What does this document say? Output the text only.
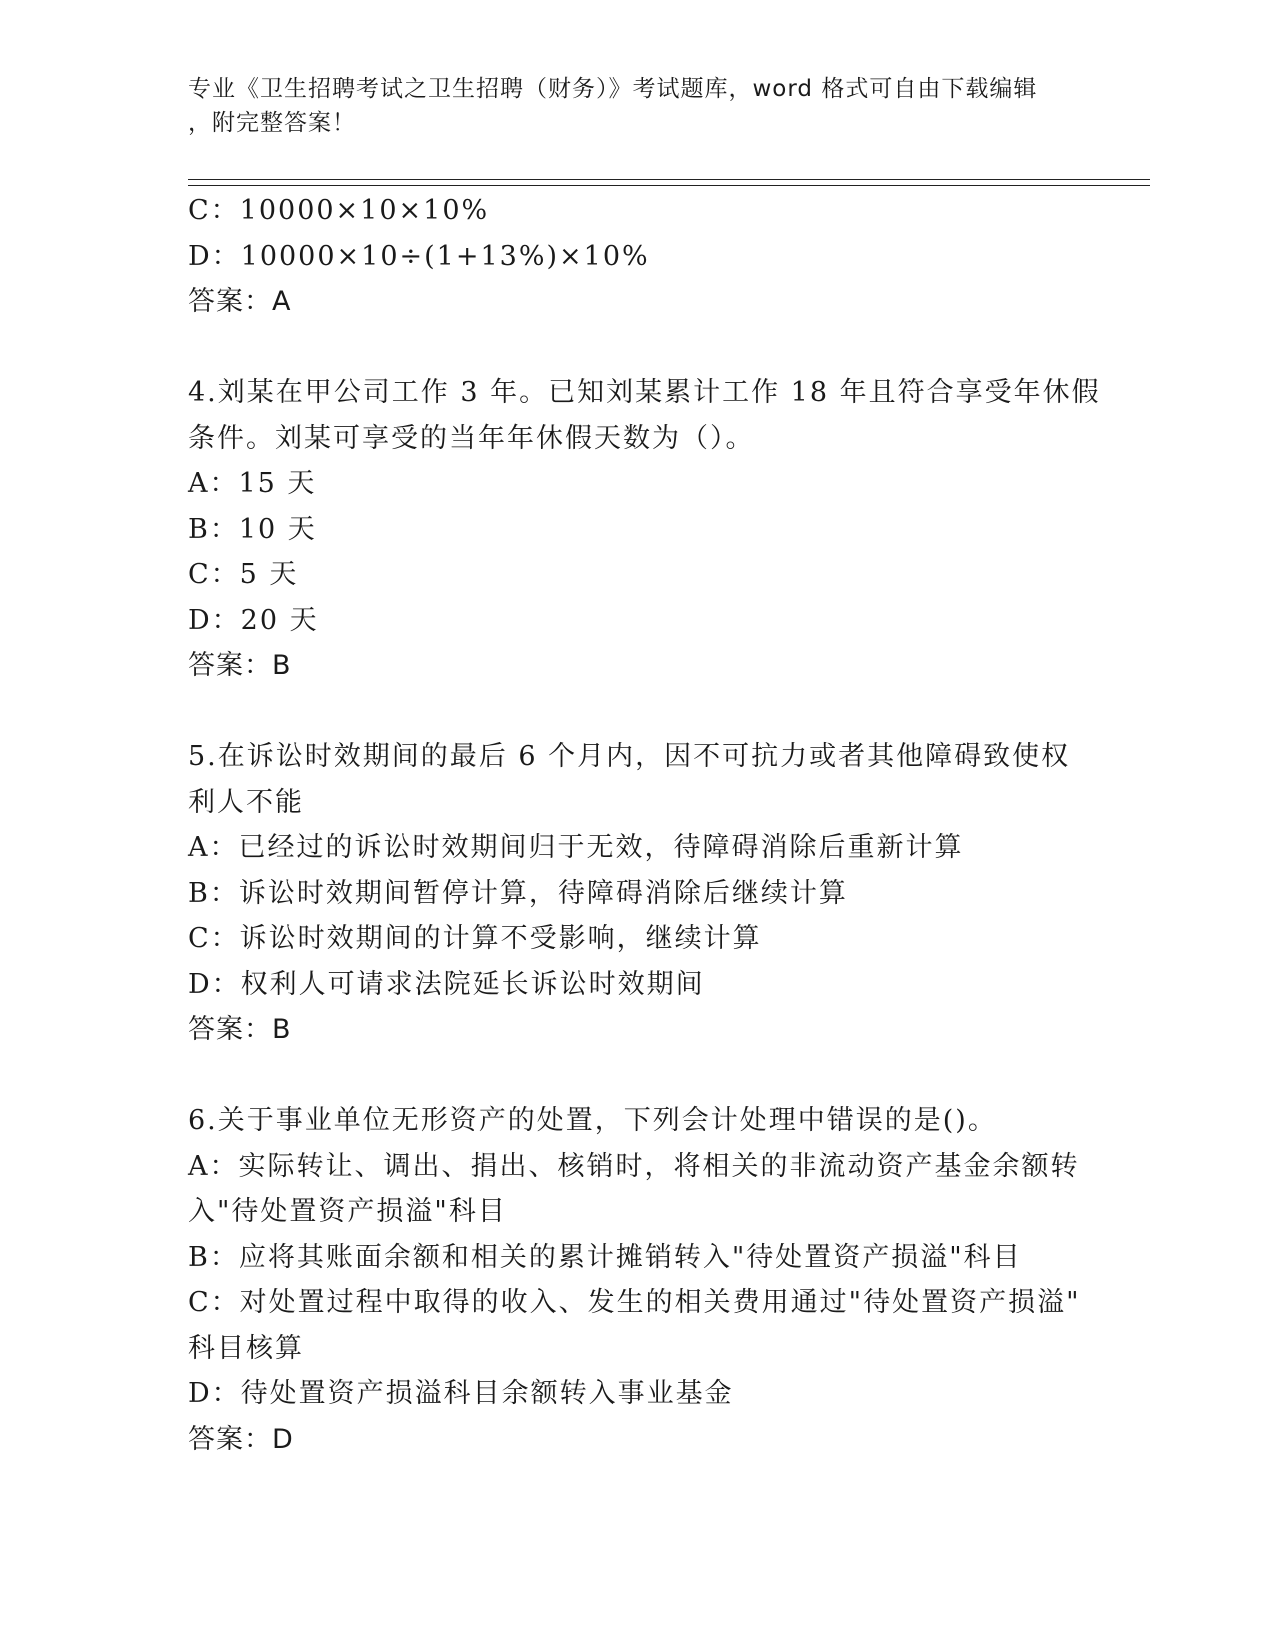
专业《卫生招聘考试之卫生招聘（财务）》考试题库，word 格式可自由下载编辑
，附完整答案！
C：10000×10×10%
D：10000×10÷(1+13%)×10%
答案：A
4.刘某在甲公司工作 3 年。已知刘某累计工作 18 年且符合享受年休假
条件。刘某可享受的当年年休假天数为（）。
A：15 天
B：10 天
C：5 天
D：20 天
答案：B
5.在诉讼时效期间的最后 6 个月内，因不可抗力或者其他障碍致使权
利人不能
A：已经过的诉讼时效期间归于无效，待障碍消除后重新计算
B：诉讼时效期间暂停计算，待障碍消除后继续计算
C：诉讼时效期间的计算不受影响，继续计算
D：权利人可请求法院延长诉讼时效期间
答案：B
6.关于事业单位无形资产的处置，下列会计处理中错误的是()。
A：实际转让、调出、捐出、核销时，将相关的非流动资产基金余额转
入"待处置资产损溢"科目
B：应将其账面余额和相关的累计摊销转入"待处置资产损溢"科目
C：对处置过程中取得的收入、发生的相关费用通过"待处置资产损溢"
科目核算
D：待处置资产损溢科目余额转入事业基金
答案：D
